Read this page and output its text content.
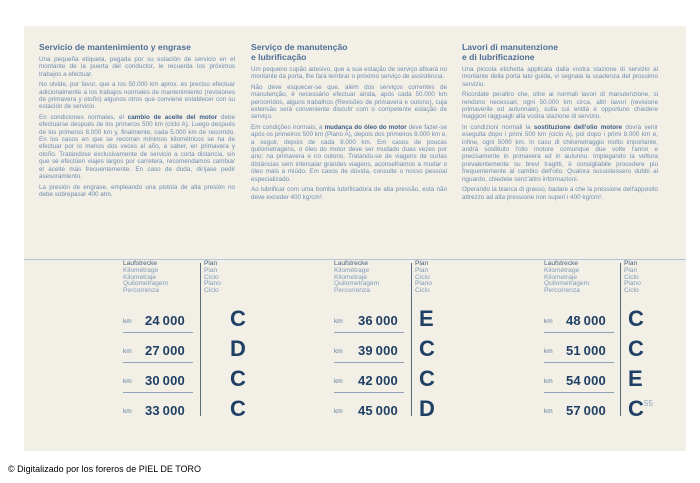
Servicio de mantenimiento y engrase

Una pequeña etiqueta, pegada por su estación de servicio en el montante de la puerta del conductor, le recuerda los próximos trabajos a efectuar.

No olvide, por favor, que a los 50.000 km aprox. es preciso efectuar adicionalmente a los trabajos normales de mantenimiento (revisiones de primavera y otoño) algunos otros que conviene establecer con su estación de servicio.

En condiciones normales, el cambio de aceite del motor debe efectuarse después de los primeros 500 km (ciclo A). Luego después de los primeros 8.000 km y, finalmente, cada 5.000 km de recorrido. En los casos en que se recorran mínimos kilométricos se ha de efectuar por lo menos dos veces al año, a saber, en primavera y otoño. Tratándose exclusivamente de servicio a corta distancia, sin que se efectúen viajes largos por carretera, recomendamos cambiar el aceite más frecuentemente. En caso de duda, diríjase pedir asesoramiento.

La presión de engrase, empleando una pistola de alta presión no debe sobrepasar 400 atm.

Serviço de manutenção
e lubrificação

Um pequeno cupão adesivo, que a sua estação de serviço afixará no montante da porta, lhe fará lembrar o próximo serviço de assistência.

Não deve esquecer-se que, além dos serviços correntes de manutenção, é necessário efectuar ainda, após cada 50.000 km percorridos, alguns trabalhos (Revisões de primavera e outono), cuja extensão será conveniente discutir com o competente estação de serviço.

Em condições normais, a mudança do óleo do motor deve fazer-se após os primeiros 500 km (Plano A), depois dos primeiros 8.000 km e, a seguir, depois de cada 8.000 km. Em casos de poucas quilometragens, o óleo do motor deve ser mudado duas vezes por ano: na primavera e no outono. Tratando-se de viagens de curtas distâncias sem intercalar grandes viagens, aconselhamos a mudar o óleo mais a miúdo. Em casos de dúvida, consulte o nosso pessoal especializado.

Ao lubrificar com uma bomba lubrificadora de alta pressão, esta não deve exceder 400 kg/cm².

Lavori di manutenzione
e di lubrificazione

Una piccola etichetta applicata dalla vostra stazione di servizio al montante della porta lato guida, vi segnala la scadenza del prossimo servizio.

Ricordate peraltro che, oltre ai normali lavori di manutenzione, si rendono necessari, ogni 50.000 km circa, altri lavori (revisione primaverile ed autunnale), sulla cui entità è opportuno chiedere maggiori ragguagli alla vostra stazione di servizio.

In condizioni normali la sostituzione dell'olio motore dovrà venir eseguita dopo i primi 500 km (ciclo A), poi dopo i primi 8.000 km e, infine, ogni 5000 km. In caso di chilometraggio molto importante, andrà sostituito l'olio motore comunque due volte l'anno e precisamente in primavera ed in autunno. Impiegando la vettura prevalentemente su brevi tragitti, è consigliabile procedere più frequentemente al cambio dell'olio. Qualora sussistessero dubbi al riguardo, chiedete senz'altro informazioni.

Operando la bianca di grasso, badare a che la pressione dell'apposito attrezzo ad alta pressione non superi i 400 kg/cm².

Laufstrecke
Kilométrage
Kilometraje
Quilometragem
Percorrenza
Plan
Plan
Ciclo
Plano
Ciclo
km 24 000 C
km 27 000 D
km 30 000 C
km 33 000 C
Laufstrecke
Kilométrage
Kilometraje
Quilometragem
Percorrenza
Plan
Plan
Ciclo
Plano
Ciclo
km 36 000 E
km 39 000 C
km 42 000 C
km 45 000 D
Laufstrecke
Kilométrage
Kilometraje
Quilometragem
Percorrenza
Plan
Plan
Ciclo
Plano
Ciclo
km 48 000 C
km 51 000 C
km 54 000 E
km 57 000 C 55
© Digitalizado por los foreros de PIEL DE TORO
